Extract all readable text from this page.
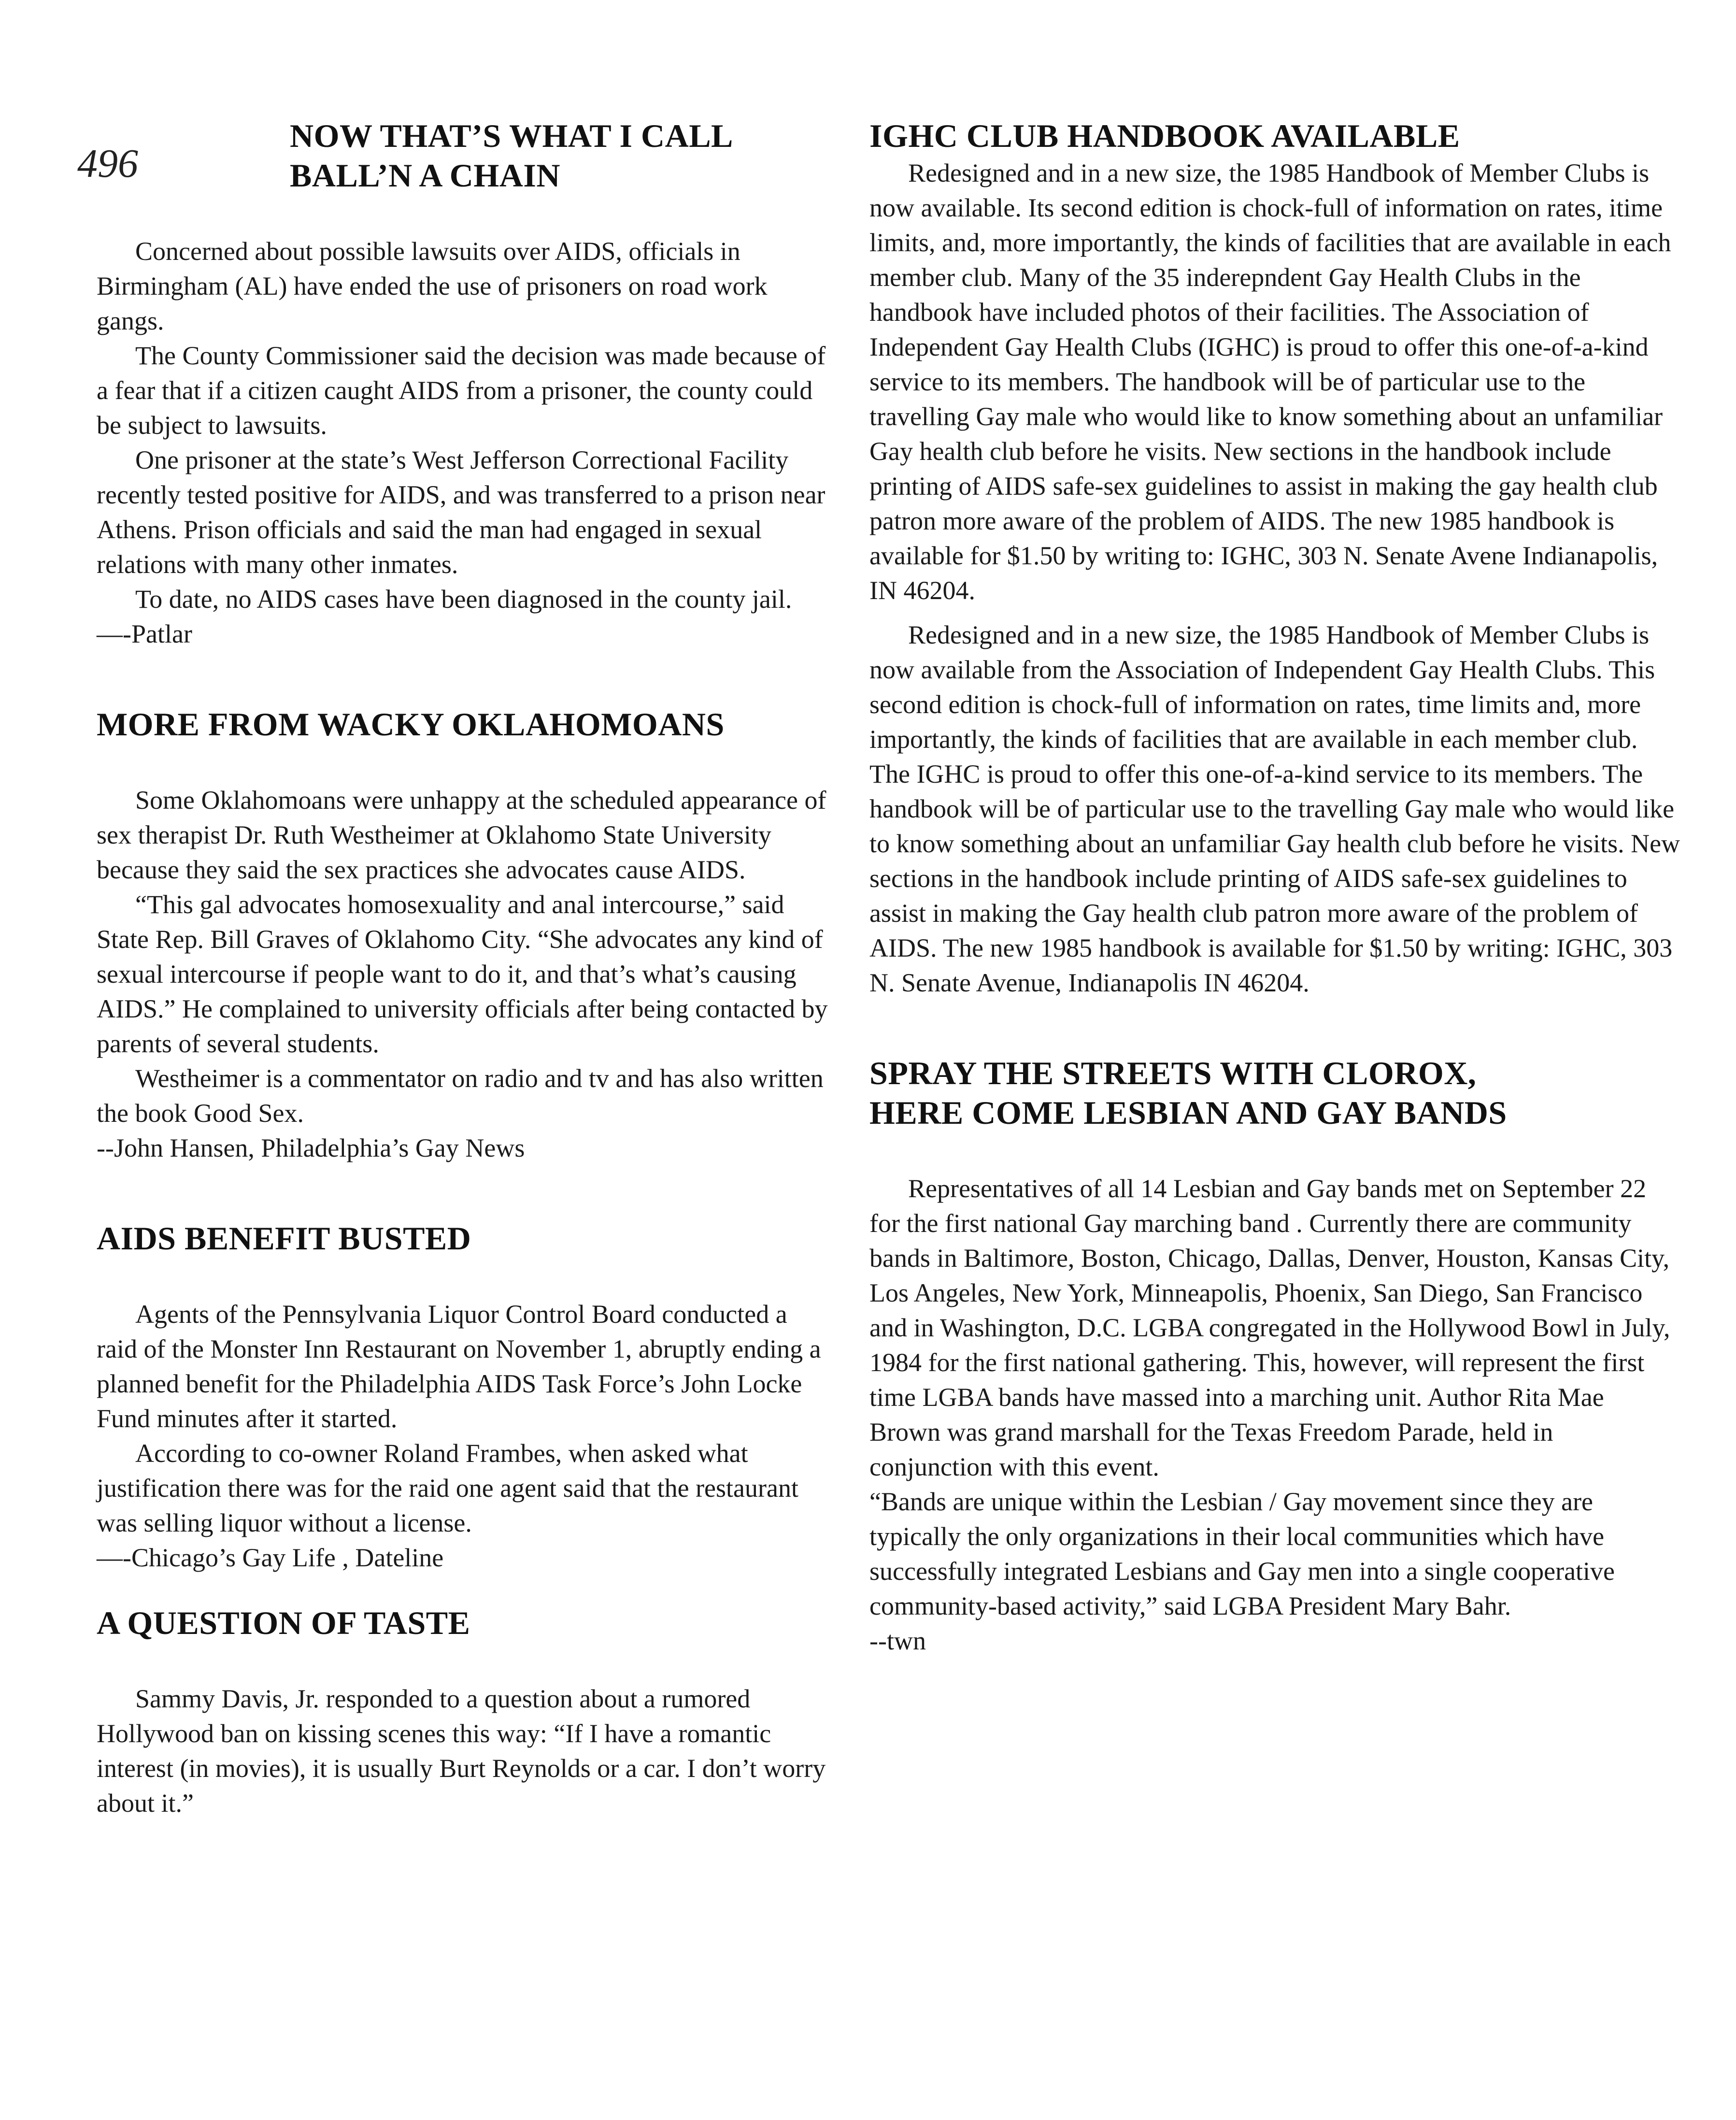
496
NOW THAT’S WHAT I CALL
BALL’N A CHAIN

Concerned about possible lawsuits over AIDS, officials in Birmingham (AL) have ended the use of prisoners on road work gangs.

The County Commissioner said the decision was made because of a fear that if a citizen caught AIDS from a prisoner, the county could be subject to lawsuits.

One prisoner at the state’s West Jefferson Correctional Facility recently tested positive for AIDS, and was transferred to a prison near Athens. Prison officials and said the man had engaged in sexual relations with many other inmates.

To date, no AIDS cases have been diagnosed in the county jail.

—-Patlar

MORE FROM WACKY OKLAHOMOANS

Some Oklahomoans were unhappy at the scheduled appearance of sex therapist Dr. Ruth Westheimer at Oklahomo State University because they said the sex practices she advocates cause AIDS.

“This gal advocates homosexuality and anal intercourse,” said State Rep. Bill Graves of Oklahomo City. “She advocates any kind of sexual intercourse if people want to do it, and that’s what’s causing AIDS.” He complained to university officials after being contacted by parents of several students.

Westheimer is a commentator on radio and tv and has also written the book Good Sex.

--John Hansen, Philadelphia’s Gay News

AIDS BENEFIT BUSTED

Agents of the Pennsylvania Liquor Control Board conducted a raid of the Monster Inn Restaurant on November 1, abruptly ending a planned benefit for the Philadelphia AIDS Task Force’s John Locke Fund minutes after it started.

According to co-owner Roland Frambes, when asked what justification there was for the raid one agent said that the restaurant was selling liquor without a license.

—-Chicago’s Gay Life , Dateline

A QUESTION OF TASTE

Sammy Davis, Jr. responded to a question about a rumored Hollywood ban on kissing scenes this way: “If I have a romantic interest (in movies), it is usually Burt Reynolds or a car. I don’t worry about it.”

IGHC CLUB HANDBOOK AVAILABLE

Redesigned and in a new size, the 1985 Handbook of Member Clubs is now available. Its second edition is chock-full of information on rates, itime limits, and, more importantly, the kinds of facilities that are available in each member club. Many of the 35 inderepndent Gay Health Clubs in the handbook have included photos of their facilities. The Association of Independent Gay Health Clubs (IGHC) is proud to offer this one-of-a-kind service to its members. The handbook will be of particular use to the travelling Gay male who would like to know something about an unfamiliar Gay health club before he visits. New sections in the handbook include printing of AIDS safe-sex guidelines to assist in making the gay health club patron more aware of the problem of AIDS. The new 1985 handbook is available for $1.50 by writing to: IGHC, 303 N. Senate Avene Indianapolis, IN 46204.

Redesigned and in a new size, the 1985 Handbook of Member Clubs is now available from the Association of Independent Gay Health Clubs. This second edition is chock-full of information on rates, time limits and, more importantly, the kinds of facilities that are available in each member club. The IGHC is proud to offer this one-of-a-kind service to its members. The handbook will be of particular use to the travelling Gay male who would like to know something about an unfamiliar Gay health club before he visits. New sections in the handbook include printing of AIDS safe-sex guidelines to assist in making the Gay health club patron more aware of the problem of AIDS. The new 1985 handbook is available for $1.50 by writing: IGHC, 303 N. Senate Avenue, Indianapolis IN 46204.

SPRAY THE STREETS WITH CLOROX,
HERE COME LESBIAN AND GAY BANDS

Representatives of all 14 Lesbian and Gay bands met on September 22 for the first national Gay marching band . Currently there are community bands in Baltimore, Boston, Chicago, Dallas, Denver, Houston, Kansas City, Los Angeles, New York, Minneapolis, Phoenix, San Diego, San Francisco and in Washington, D.C. LGBA congregated in the Hollywood Bowl in July, 1984 for the first national gathering. This, however, will represent the first time LGBA bands have massed into a marching unit. Author Rita Mae Brown was grand marshall for the Texas Freedom Parade, held in conjunction with this event.

“Bands are unique within the Lesbian / Gay movement since they are typically the only organizations in their local communities which have successfully integrated Lesbians and Gay men into a single cooperative community-based activity,” said LGBA President Mary Bahr.

--twn
